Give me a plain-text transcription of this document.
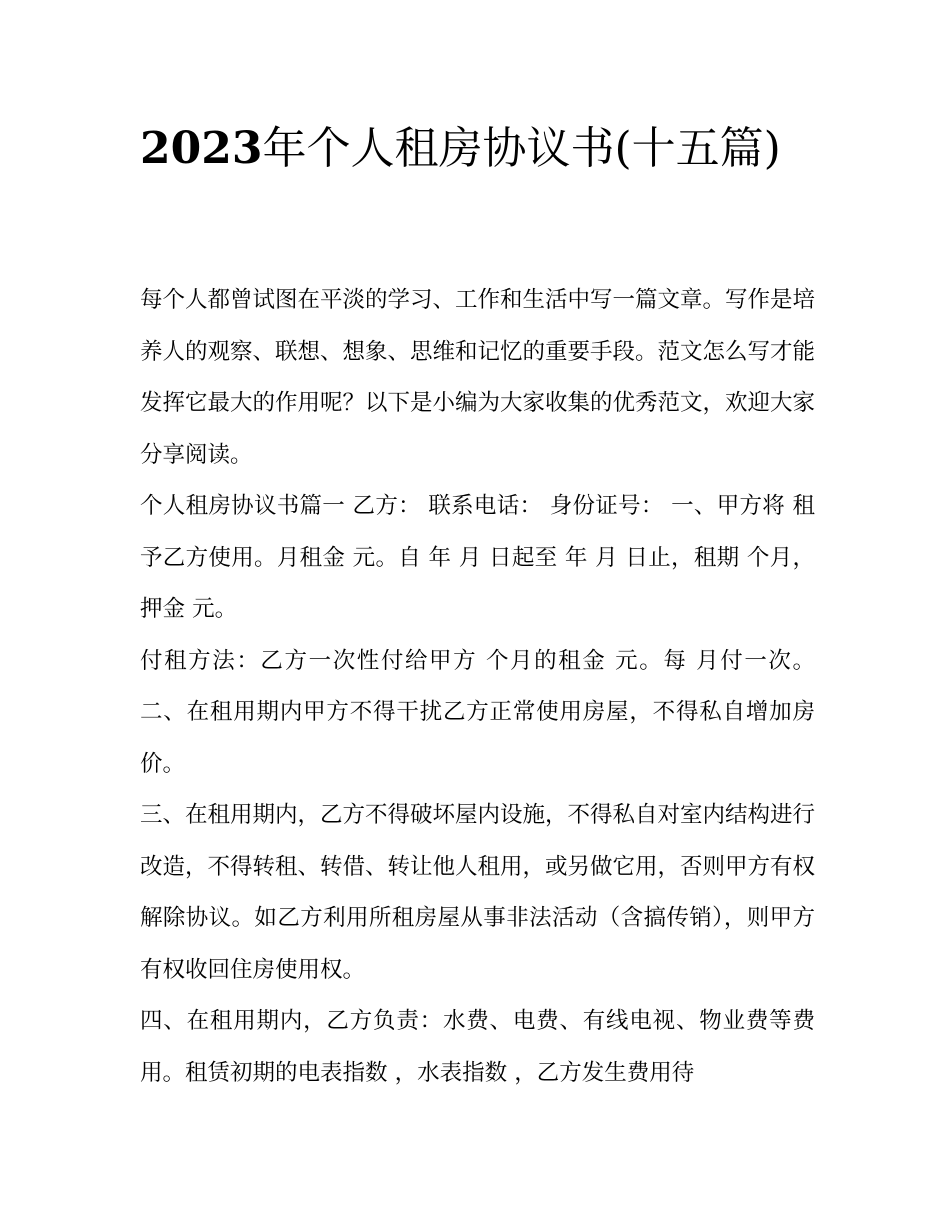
2023年个人租房协议书(十五篇)

每个人都曾试图在平淡的学习、工作和生活中写一篇文章。写作是培养人的观察、联想、想象、思维和记忆的重要手段。范文怎么写才能发挥它最大的作用呢？以下是小编为大家收集的优秀范文，欢迎大家分享阅读。

个人租房协议书篇一 乙方： 联系电话： 身份证号： 一、甲方将 租予乙方使用。月租金 元。自 年 月 日起至 年 月 日止，租期 个月，押金 元。

付租方法：乙方一次性付给甲方 个月的租金 元。每 月付一次。 二、在租用期内甲方不得干扰乙方正常使用房屋，不得私自增加房价。

三、在租用期内，乙方不得破坏屋内设施，不得私自对室内结构进行改造，不得转租、转借、转让他人租用，或另做它用，否则甲方有权解除协议。如乙方利用所租房屋从事非法活动（含搞传销），则甲方有权收回住房使用权。

四、在租用期内，乙方负责：水费、电费、有线电视、物业费等费用。租赁初期的电表指数 ，水表指数 ，乙方发生费用待
